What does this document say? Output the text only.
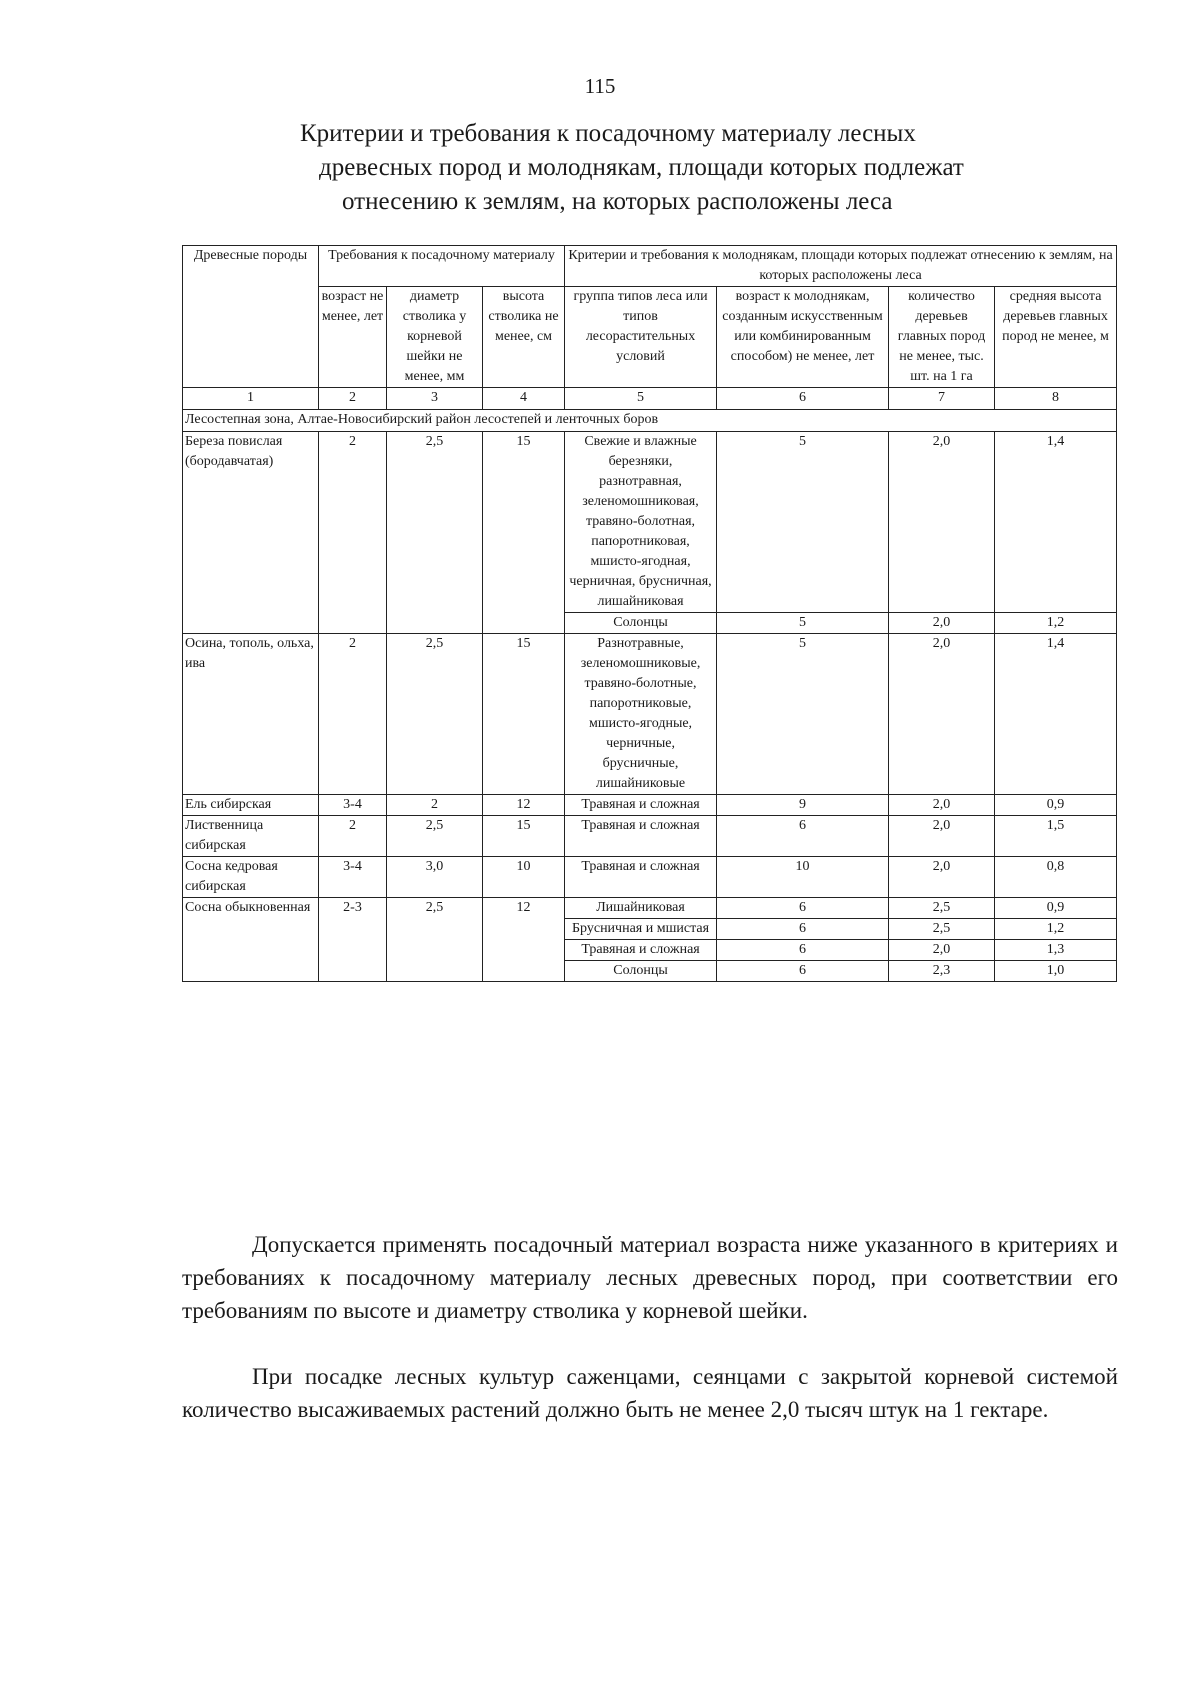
115
Критерии и требования к посадочному материалу лесных
древесных пород и молоднякам, площади которых подлежат
отнесению к землям, на которых расположены леса
Древесные породы	Требования к посадочному материалу			Критерии и требования к молоднякам, площади которых подлежат отнесению к землям, на которых расположены леса			
	возраст не менее, лет	диаметр стволика у корневой шейки не менее, мм	высота стволика не менее, см	группа типов леса или типов лесорастительных условий	возраст к молоднякам, созданным искусственным или комбинированным способом) не менее, лет	количество деревьев главных пород не менее, тыс. шт. на 1 га	средняя высота деревьев главных пород не менее, м
1	2	3	4	5	6	7	8
Лесостепная зона, Алтае-Новосибирский район лесостепей и ленточных боров							
Береза повислая (бородавчатая)	2	2,5	15	Свежие и влажные березняки, разнотравная, зеленомошниковая, травяно-болотная, папоротниковая, мшисто-ягодная, черничная, брусничная, лишайниковая	5	2,0	1,4
				Солонцы	5	2,0	1,2
Осина, тополь, ольха, ива	2	2,5	15	Разнотравные, зеленомошниковые, травяно-болотные, папоротниковые, мшисто-ягодные, черничные, брусничные, лишайниковые	5	2,0	1,4
Ель сибирская	3-4	2	12	Травяная и сложная	9	2,0	0,9
Лиственница сибирская	2	2,5	15	Травяная и сложная	6	2,0	1,5
Сосна кедровая сибирская	3-4	3,0	10	Травяная и сложная	10	2,0	0,8
Сосна обыкновенная	2-3	2,5	12	Лишайниковая	6	2,5	0,9
				Брусничная и мшистая	6	2,5	1,2
				Травяная и сложная	6	2,0	1,3
				Солонцы	6	2,3	1,0

Допускается применять посадочный материал возраста ниже указанного в критериях и требованиях к посадочному материалу лесных древесных пород, при соответствии его требованиям по высоте и диаметру стволика у корневой шейки.

При посадке лесных культур саженцами, сеянцами с закрытой корневой системой количество высаживаемых растений должно быть не менее 2,0 тысяч штук на 1 гектаре.
